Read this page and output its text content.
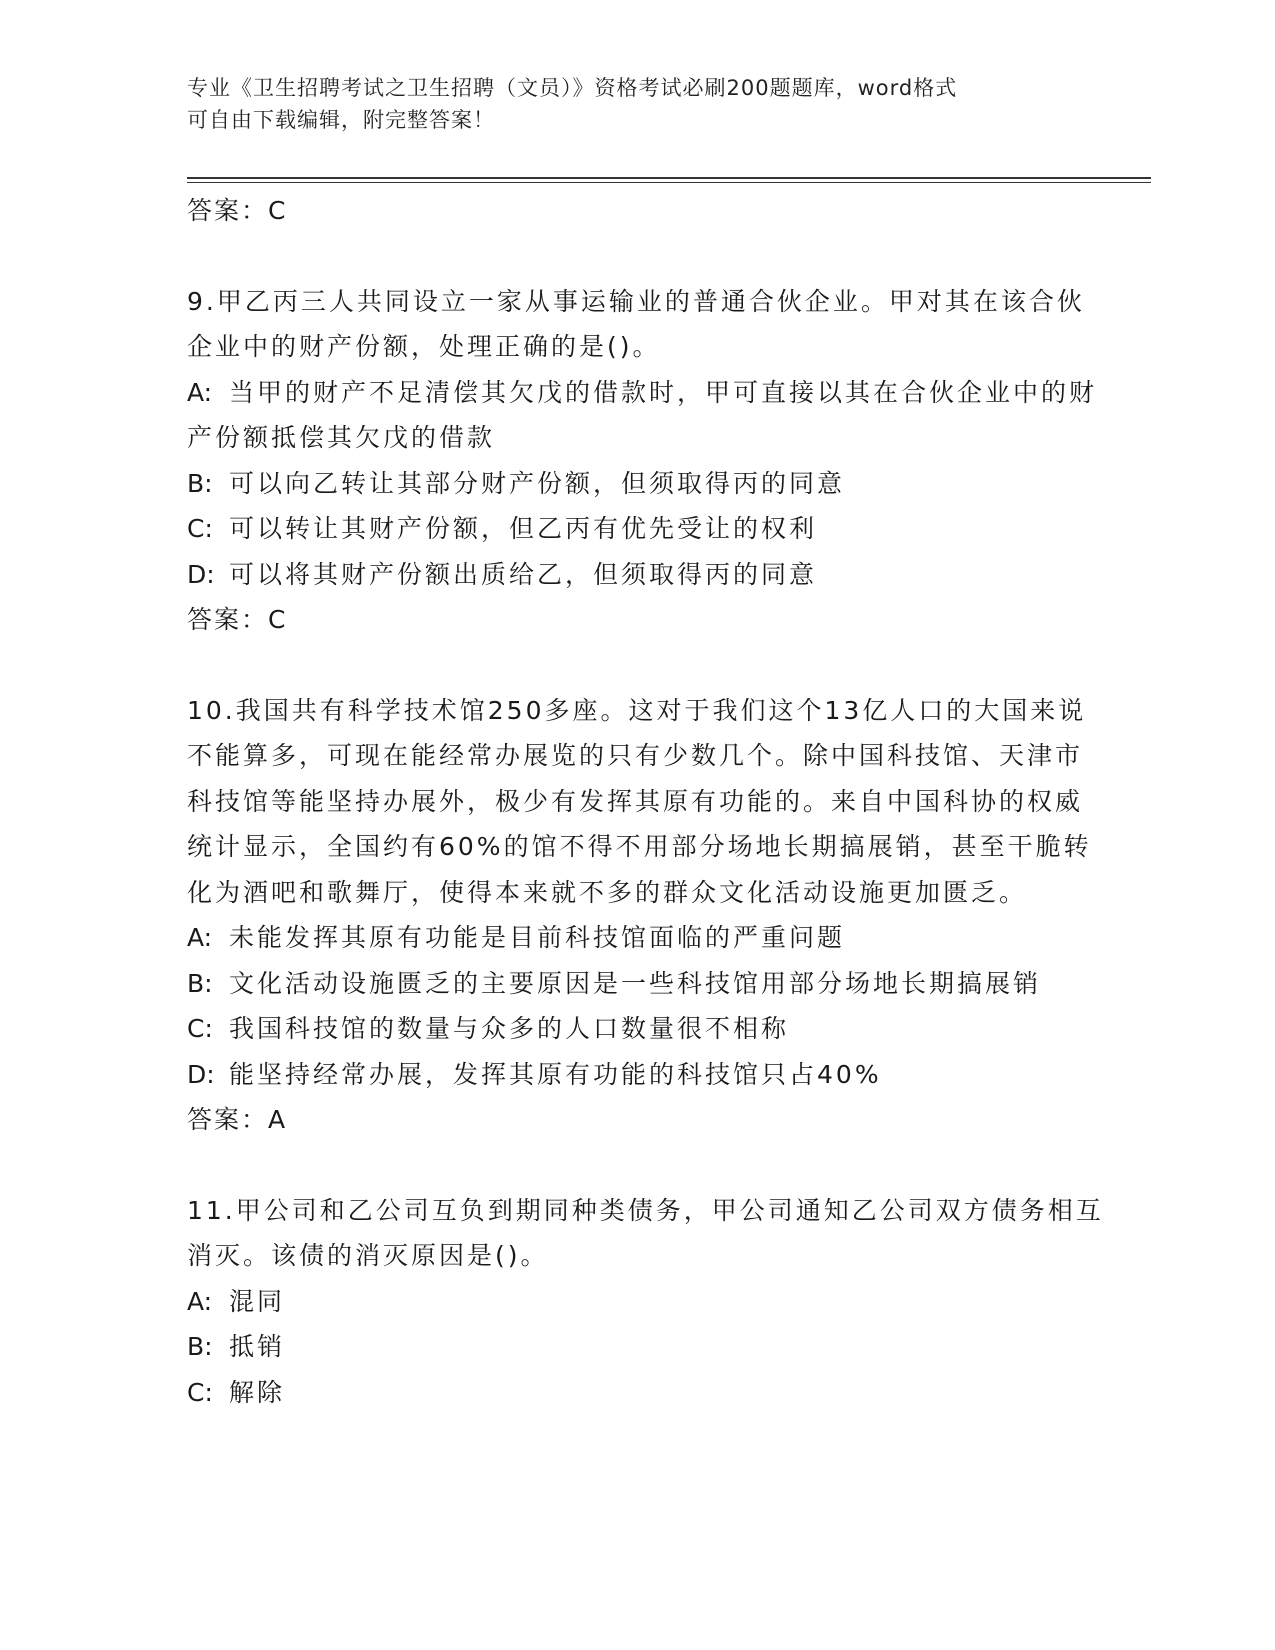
专业《卫生招聘考试之卫生招聘（文员）》资格考试必刷200题题库，word格式
可自由下载编辑，附完整答案！
答案：C
9.甲乙丙三人共同设立一家从事运输业的普通合伙企业。甲对其在该合伙企业中的财产份额，处理正确的是()。
A: 当甲的财产不足清偿其欠戊的借款时，甲可直接以其在合伙企业中的财产份额抵偿其欠戊的借款
B: 可以向乙转让其部分财产份额，但须取得丙的同意
C: 可以转让其财产份额，但乙丙有优先受让的权利
D: 可以将其财产份额出质给乙，但须取得丙的同意
答案：C
10.我国共有科学技术馆250多座。这对于我们这个13亿人口的大国来说不能算多，可现在能经常办展览的只有少数几个。除中国科技馆、天津市科技馆等能坚持办展外，极少有发挥其原有功能的。来自中国科协的权威统计显示，全国约有60%的馆不得不用部分场地长期搞展销，甚至干脆转化为酒吧和歌舞厅，使得本来就不多的群众文化活动设施更加匮乏。
A: 未能发挥其原有功能是目前科技馆面临的严重问题
B: 文化活动设施匮乏的主要原因是一些科技馆用部分场地长期搞展销
C: 我国科技馆的数量与众多的人口数量很不相称
D: 能坚持经常办展，发挥其原有功能的科技馆只占40%
答案：A
11.甲公司和乙公司互负到期同种类债务，甲公司通知乙公司双方债务相互消灭。该债的消灭原因是()。
A: 混同
B: 抵销
C: 解除
